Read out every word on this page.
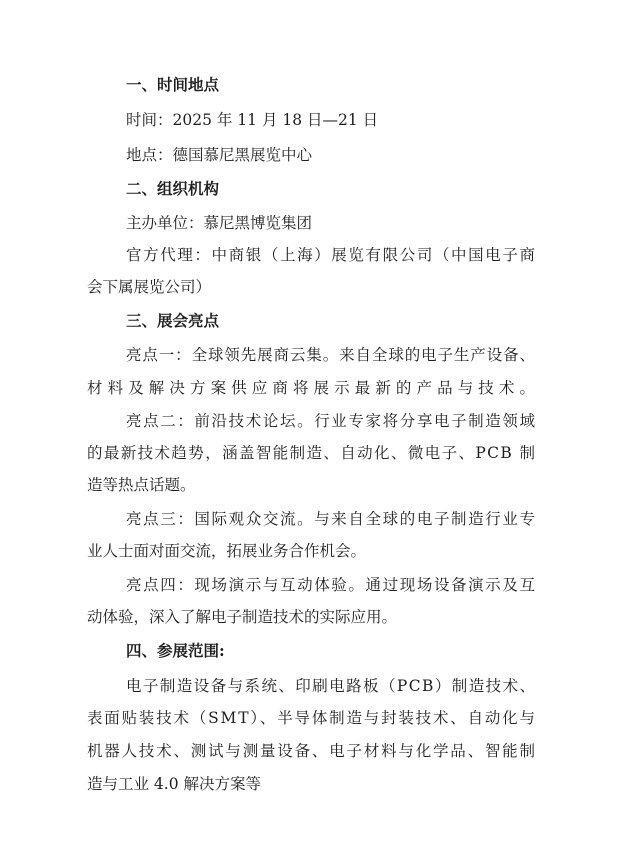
一、时间地点
时间：2025 年 11 月 18 日—21 日
地点：德国慕尼黑展览中心
二、组织机构
主办单位：慕尼黑博览集团
官方代理：中商银（上海）展览有限公司（中国电子商
会下属展览公司）
三、展会亮点
亮点一：全球领先展商云集。来自全球的电子生产设备、
材料及解决方案供应商将展示最新的产品与技术。
亮点二：前沿技术论坛。行业专家将分享电子制造领域
的最新技术趋势，涵盖智能制造、自动化、微电子、PCB 制
造等热点话题。
亮点三：国际观众交流。与来自全球的电子制造行业专
业人士面对面交流，拓展业务合作机会。
亮点四：现场演示与互动体验。通过现场设备演示及互
动体验，深入了解电子制造技术的实际应用。
四、参展范围:
电子制造设备与系统、印刷电路板（PCB）制造技术、
表面贴装技术（SMT）、半导体制造与封装技术、自动化与
机器人技术、测试与测量设备、电子材料与化学品、智能制
造与工业 4.0 解决方案等
